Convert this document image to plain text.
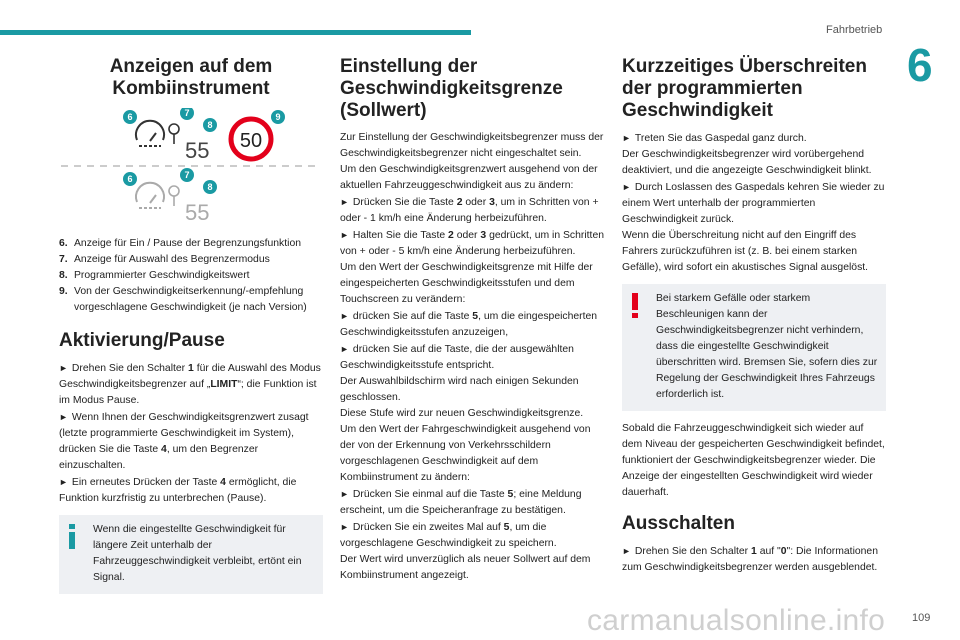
Fahrbetrieb
6
Anzeigen auf dem Kombiinstrument
55 50
6	7
8
9
55
6	7
8
6. Anzeige für Ein / Pause der Begrenzungsfunktion
7. Anzeige für Auswahl des Begrenzermodus
8. Programmierter Geschwindigkeitswert
9. Von der Geschwindigkeitserkennung/-empfehlung vorgeschlagene Geschwindigkeit (je nach Version)
Aktivierung/Pause

► Drehen Sie den Schalter 1 für die Auswahl des Modus Geschwindigkeitsbegrenzer auf „LIMIT“; die Funktion ist im Modus Pause.

► Wenn Ihnen der Geschwindigkeitsgrenzwert zusagt (letzte programmierte Geschwindigkeit im System), drücken Sie die Taste 4, um den Begrenzer einzuschalten.

► Ein erneutes Drücken der Taste 4 ermöglicht, die Funktion kurzfristig zu unterbrechen (Pause).

Wenn die eingestellte Geschwindigkeit für längere Zeit unterhalb der Fahrzeuggeschwindigkeit verbleibt, ertönt ein Signal.
Einstellung der Geschwindigkeitsgrenze (Sollwert)

Zur Einstellung der Geschwindigkeitsbegrenzer muss der Geschwindigkeitsbegrenzer nicht eingeschaltet sein.

Um den Geschwindigkeitsgrenzwert ausgehend von der aktuellen Fahrzeuggeschwindigkeit aus zu ändern:

► Drücken Sie die Taste 2 oder 3, um in Schritten von + oder - 1 km/h eine Änderung herbeizuführen.

► Halten Sie die Taste 2 oder 3 gedrückt, um in Schritten von + oder - 5 km/h eine Änderung herbeizuführen.

Um den Wert der Geschwindigkeitsgrenze mit Hilfe der eingespeicherten Geschwindigkeitsstufen und dem Touchscreen zu verändern:

► drücken Sie auf die Taste 5, um die eingespeicherten Geschwindigkeitsstufen anzuzeigen,

► drücken Sie auf die Taste, die der ausgewählten Geschwindigkeitsstufe entspricht.

Der Auswahlbildschirm wird nach einigen Sekunden geschlossen.

Diese Stufe wird zur neuen Geschwindigkeitsgrenze.

Um den Wert der Fahrgeschwindigkeit ausgehend von der von der Erkennung von Verkehrsschildern vorgeschlagenen Geschwindigkeit auf dem Kombiinstrument zu ändern:

► Drücken Sie einmal auf die Taste 5; eine Meldung erscheint, um die Speicheranfrage zu bestätigen.

► Drücken Sie ein zweites Mal auf 5, um die vorgeschlagene Geschwindigkeit zu speichern.

Der Wert wird unverzüglich als neuer Sollwert auf dem Kombiinstrument angezeigt.

Kurzzeitiges Überschreiten der programmierten Geschwindigkeit

► Treten Sie das Gaspedal ganz durch.

Der Geschwindigkeitsbegrenzer wird vorübergehend deaktiviert, und die angezeigte Geschwindigkeit blinkt.

► Durch Loslassen des Gaspedals kehren Sie wieder zu einem Wert unterhalb der programmierten Geschwindigkeit zurück.

Wenn die Überschreitung nicht auf den Eingriff des Fahrers zurückzuführen ist (z. B. bei einem starken Gefälle), wird sofort ein akustisches Signal ausgelöst.

Bei starkem Gefälle oder starkem Beschleunigen kann der Geschwindigkeitsbegrenzer nicht verhindern, dass die eingestellte Geschwindigkeit überschritten wird. Bremsen Sie, sofern dies zur Regelung der Geschwindigkeit Ihres Fahrzeugs erforderlich ist.

Sobald die Fahrzeuggeschwindigkeit sich wieder auf dem Niveau der gespeicherten Geschwindigkeit befindet, funktioniert der Geschwindigkeitsbegrenzer wieder. Die Anzeige der eingestellten Geschwindigkeit wird wieder dauerhaft.

Ausschalten

► Drehen Sie den Schalter 1 auf "0": Die Informationen zum Geschwindigkeitsbegrenzer werden ausgeblendet.

carmanualsonline.info 109
